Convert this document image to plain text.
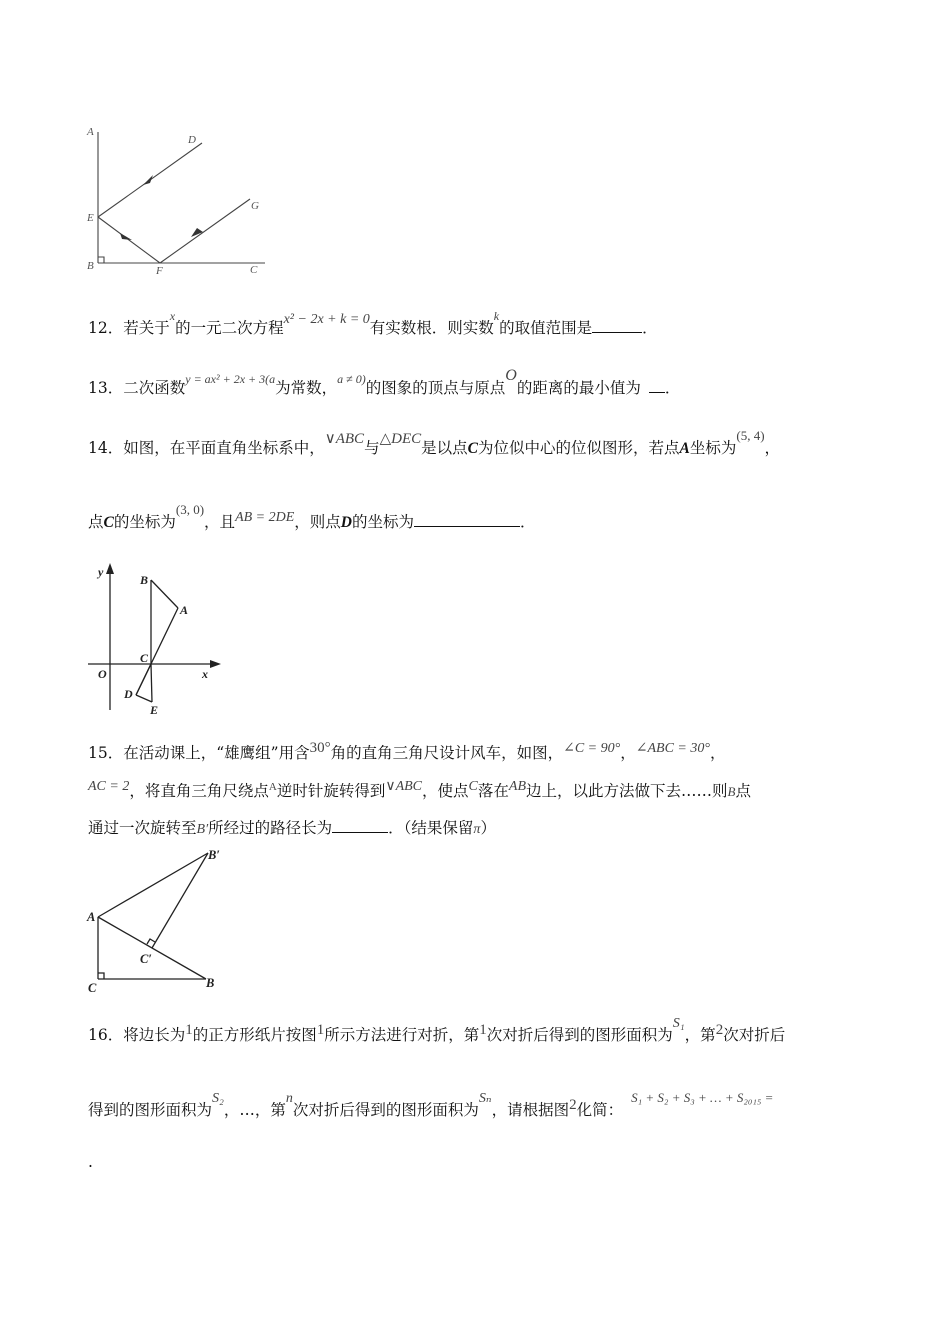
A
D
E
G
B	F	C
12．若关于$^x$的一元二次方程x² − 2x + k = 0有实数根．则实数$^k$的取值范围是	．
13．二次函数$^{y = ax^2 + 2x + 3(a}$为常数，$^{a \ne 0)}$的图象的顶点与原点O的距离的最小值为 ．
14．如图，在平面直角坐标系中，∨ABC与△DEC是以点C为位似中心的位似图形，若点A坐标为$^{(5, 4)}$，
点C的坐标为$^{(3, 0)}$，且AB = 2DE，则点D的坐标为	．
y
x
O
B
A
C
D
E
15．在活动课上，“雄鹰组”用含30°角的直角三角尺设计风车，如图，∠C = 90°，∠ABC = 30°，
AC = 2，将直角三角尺绕点$^A$逆时针旋转得到∨ABC，使点C落在AB边上，以此方法做下去……则B点
通过一次旋转至B′所经过的路径长为	．（结果保留π）
B′
A
C′
C	B
16．将边长为1的正方形纸片按图1所示方法进行对折，第1次对折后得到的图形面积为S₁，第2次对折后
得到的图形面积为S₂，…，第n次对折后得到的图形面积为Sₙ，请根据图2化简：$^{S_1 + S_2 + S_3 + \dots + S_{2015} =}$
.
